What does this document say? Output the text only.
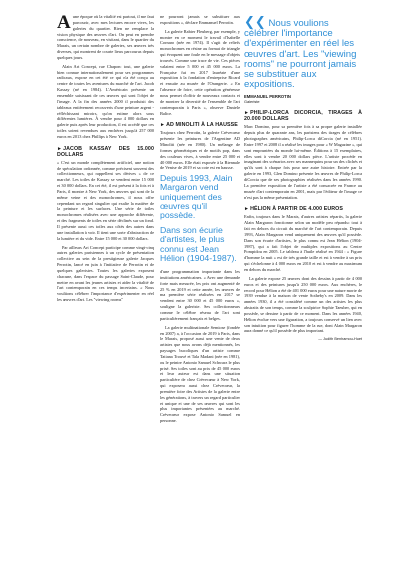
Aune époque où la vitalité est partout, il me faut parcourir, avec mes lectures encore vives, les galeries du quartier. Rien ne remplace la vision physique des œuvres d'art. On peut en prendre conscience, de nouveau, en visitant, dans le quartier du Marais, un certain nombre de galeries, ses œuvres très diverses, qui montrent de courte lieux parcourus depuis quelques jours.

Alain Art Concept, rue Chapon: tout, une galerie bien connue internationalement pour ses programmes radicaux, expose en cet été ce qui n'a été conçu au centre de toutes les aventures du marché de l'art. Jacob Kassay (né en 1984). L'Américain présente un ensemble saisissant de ces œuvres qui sont l'objet de l'image. A la fin des années 2000 il produisit des tableaux entièrement recouverts d'une peinture argent - réfléchissant miroirs, qu'on estime alors sous différentes lumières. À vendre pour 4 000 dollars en galerie puis après leur production, il est accédé que ces toiles soient revendues aux enchères jusqu'à 257 000 euros en 2013 chez Phillips à New York.

►JACOB KASSAY DES 15.000 DOLLARS

« C'est un monde complètement artificiel, une notion de spéculation ordonnée, comme précisent souvent des collectionneurs, qui rappellent ses dérives » de ce marché. Les toiles de Kassay se vendent entre 15 000 et 30 000 dollars. En cet été, il est présent à la fois et à Paris, il montre à New York, des œuvres qui sont de la même veine et des monochromes, il nous offre cependant un regard singulier qui exalte la matière de la peinture et les surfaces. Une série de toiles monochromes réalisées avec une approche différente, et des fragments de toiles en série déclinés sur un fond. Il présente aussi ces toiles aux côtés des autres dans une installation à voir. Il tient une sorte d'abstraction de la lumière et du vide. Entre 15 000 et 30 000 dollars.

Par ailleurs Art Concept participe comme vingt-cinq autres galeries parisiennes à un cycle de présentation collective au sein de la prestigieuse galerie Jacques Perrotin, lancé en juin à l'initiative de Perrotin et de quelques galeristes. Toutes les galeries exposent chacune, dans l'espace du passage Saint-Claude, pour mettre en avant les jeunes artistes et aider la vitalité de l'art contemporain en ces temps incertains. « Nous vouliions célébrer l'importance d'expérimenter en réel les œuvres d'art. Les "viewing rooms"

ne pourront jamais se substituer aux expositions », déclare Emmanuel Perrotin.

La galerie Rabier Fleuberg, par exemple, y montre en ce moment le travail d'Isabelle Cornaro (née en 1974). Il s'agit de reliefs monochromes en résine au format de triangle qui évoquent une foule en le message d'objets trouvés. Comme une trace de vie. Ces pièces valaient entre 5 000 et 45 000 euros. La Française fut en 2017 lauréate d'une exposition à la fondation d'entreprise Ricard et ensuite au musée de l'Orangerie. « En l'absence de foire, cette opération généreuse nous permet d'offrir de nouveaux contacts et de montrer la diversité de l'ensemble de l'art contemporain à Paris », observe Daniele Balice.

►AD MINOLITI À LA HAUSSE

Toujours chez Perrotin, la galerie Crèvecœur présente les peintures de l'Argentine AD Minoliti (née en 1980). Un mélange de formes géométriques et de motifs pop, dans des couleurs vives, à vendre entre 25 000 et 40 000 euros. Elle était exposée à la Biennale de Venise de 2019 et sa cote est en hausse.

Depuis 1993, Alain Margaron vend uniquement des œuvres qu'il possède.
Dans son écurie d'artistes, le plus connu est Jean Hélion (1904-1987).

d'une programmation importante dans les institutions américaines. « Avec une demande forte mais mesurée, les prix ont augmenté de 25 % en 2019 et cette année, les œuvres de ma première série réalisées en 2017 se vendent entre 30 000 et 45 000 euros », souligne la galeriste. Ses collectionneurs comme le célèbre réseau de l'art sont particulièrement français et belges.

La galerie multinationale Semiose (fondée en 2007) a, à l'occasion de 2019 à Paris, dans le Marais, proposé aussi une vente de deux artistes que nous avons déjà mentionnés, les paysages bucoliques d'un artiste comme Tatiana Trouvé et Tala Madani (née en 1981), ou le peintre Antonio Samuel Schwarz le plus prisé. Ses toiles sont au prix de 45 000 euros et leur auteur est dans une situation particulière de chez Crèvecœur à New York, qui exposera aussi chez Crèvecœur, la première foire des Artistes de la galerie entre les générations, à travers un regard particulier et unique et une de ses œuvres qui sont les plus importantes présentées au marché. Crèvecœur expose Antonio Samuel en personne.

❮❮ Nous voulions célébrer l'importance d'expérimenter en réel les œuvres d'art. Les "viewing rooms" ne pourront jamais se substituer aux expositions.
EMMANUEL PERROTIN
Galeriste
►PHILIP-LORCA DICORCIA, TIRAGES À 20.000 DOLLARS

Marc Domino, pour sa première fois à sa propre galerie installée depuis plus de quarante ans, les parisiens des tirages de célèbres photographes américains, Philip-Lorca diCorcia (né en 1951). Entre 1997 et 2008 il a réalisé les images pour « W Magazine », qui sont empruntées du monde lui-même. Éditions à 15 exemplaires, elles sont à vendre 20 000 dollars pièce. L'artiste procède en imaginant des scénarios avec ses mannequins pour un des clichés et qu'ils sont à chaque fois pour une autre histoire. Entrée par la galerie en 1993, Glen Domino présente les œuvres de Philip-Lorca diCorcia que de ses photographies réalisées dans les années 1990. La première exposition de l'artiste a été consacrée en France au musée d'art contemporain en 2001, mais par l'éditeur de l'image ce n'est pas la même présentation.

►HÉLION À PARTIR DE 4.000 EUROS

Enfin, toujours dans le Marais, d'autres artistes répartis, la galerie Alain Margaron fonctionne selon un modèle peu répandu: tout à fait en dehors du circuit du marché de l'art contemporain. Depuis 1993, Alain Margaron vend uniquement des œuvres qu'il possède. Dans son écurie d'artistes, le plus connu est Jean Hélion (1904-1987), qui a fait l'objet de multiples expositions au Centre Pompidou en 2005. Le tableau à l'huile réalisé en 1944 : « Figure d'homme la nuit » est de très grande taille et est à vendre à un prix qui s'échelonne à 4 000 euros en 2010 et est à vendre au maximum en dehors du marché.

La galerie expose 25 œuvres dont des dessins à partir de 4 000 euros et des peintures jusqu'à 250 000 euros. Aux enchères, le record pour Hélion a été de 401 000 euros pour une nature morte de 1939 vendue à la maison de vente Sotheby's en 2009. Dans les années 1930, il a été considéré comme un des artistes les plus abstraits de son temps, comme la sculptrice Sophie Taeuber, qui en possède, se dessine à partir de ce moment. Dans les années 1940, Hélion évolue vers une figuration, a toujours conservé un lien avec son intuition pour figurer l'homme de la rue, dont Alain Margaron aura donné ce qu'il possède de plus important.

— Judith Benhamou-Huet
